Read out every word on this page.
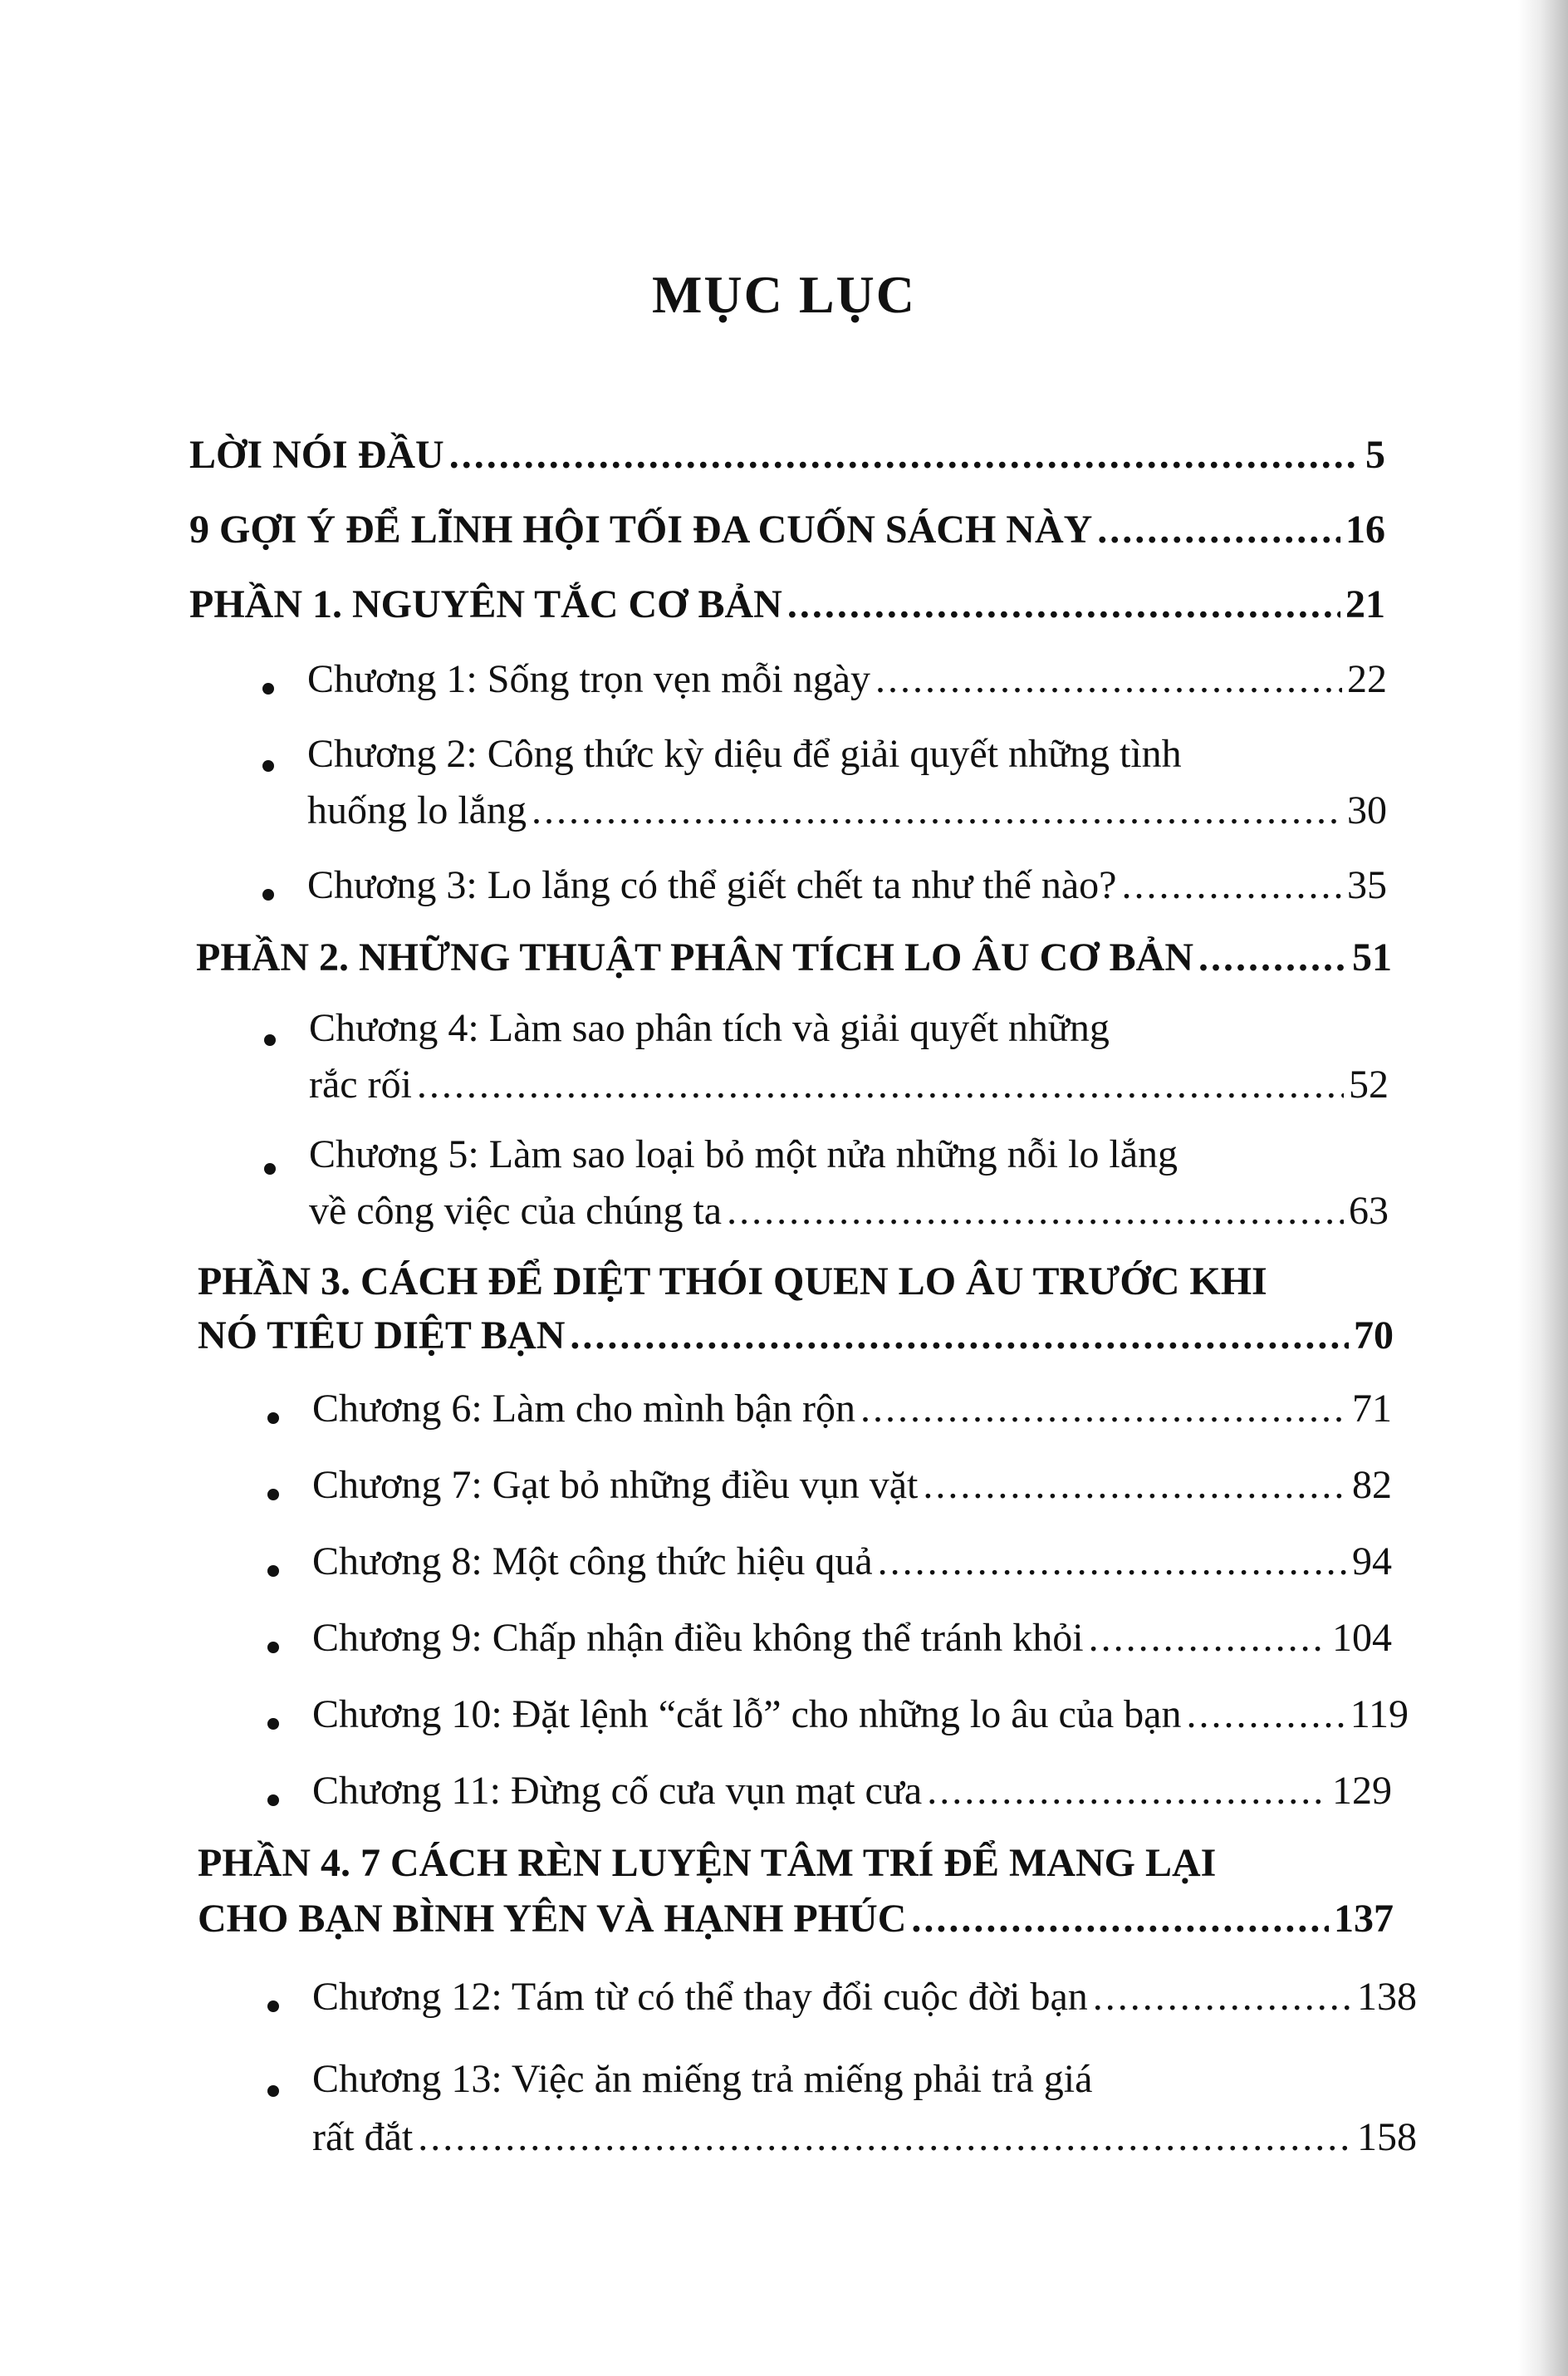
MỤC LỤC
LỜI NÓI ĐẦU .....	5
9 GỢI Ý ĐỂ LĨNH HỘI TỐI ĐA CUỐN SÁCH NÀY .....	16
PHẦN 1. NGUYÊN TẮC CƠ BẢN .....	21
Chương 1: Sống trọn vẹn mỗi ngày .....	22
Chương 2: Công thức kỳ diệu để giải quyết những tình
huống lo lắng .....	30
Chương 3: Lo lắng có thể giết chết ta như thế nào? .....	35
PHẦN 2. NHỮNG THUẬT PHÂN TÍCH LO ÂU CƠ BẢN .....	51
Chương 4: Làm sao phân tích và giải quyết những
rắc rối .....	52
Chương 5: Làm sao loại bỏ một nửa những nỗi lo lắng
về công việc của chúng ta .....	63
PHẦN 3. CÁCH ĐỂ DIỆT THÓI QUEN LO ÂU TRƯỚC KHI
NÓ TIÊU DIỆT BẠN .....	70
Chương 6: Làm cho mình bận rộn .....	71
Chương 7: Gạt bỏ những điều vụn vặt .....	82
Chương 8: Một công thức hiệu quả .....	94
Chương 9: Chấp nhận điều không thể tránh khỏi .....	104
Chương 10: Đặt lệnh “cắt lỗ” cho những lo âu của bạn .....	119
Chương 11: Đừng cố cưa vụn mạt cưa .....	129
PHẦN 4. 7 CÁCH RÈN LUYỆN TÂM TRÍ ĐỂ MANG LẠI
CHO BẠN BÌNH YÊN VÀ HẠNH PHÚC .....	137
Chương 12: Tám từ có thể thay đổi cuộc đời bạn .....	138
Chương 13: Việc ăn miếng trả miếng phải trả giá
rất đắt .....	158
